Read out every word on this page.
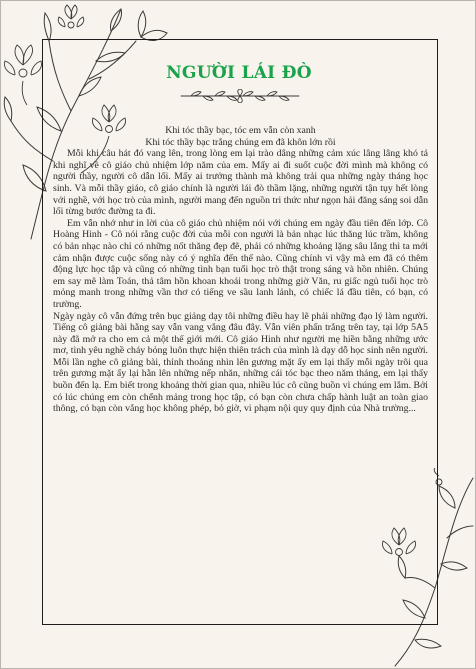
NGƯỜI LÁI ĐÒ

Khi tóc thầy bạc, tóc em vẫn còn xanh

Khi tóc thầy bạc trắng chúng em đã khôn lớn rồi

Mỗi khi câu hát đó vang lên, trong lòng em lại trào dâng những cảm xúc lâng lâng khó tả khi nghĩ về cô giáo chủ nhiệm lớp năm của em. Mấy ai đi suốt cuộc đời mình mà không có người thầy, người cô dẫn lối. Mấy ai trưởng thành mà không trải qua những ngày tháng học sinh. Và mỗi thầy giáo, cô giáo chính là người lái đò thầm lặng, những người tận tụy hết lòng với nghề, với học trò của mình, người mang đến nguồn tri thức như ngọn hải đăng sáng soi dẫn lối từng bước đường ta đi.

Em vẫn nhớ như in lời của cô giáo chủ nhiệm nói với chúng em ngày đầu tiên đến lớp. Cô Hoàng Hinh - Cô nói rằng cuộc đời của mỗi con người là bản nhạc lúc thăng lúc trầm, không có bản nhạc nào chỉ có những nốt thăng đẹp đẽ, phải có những khoảng lặng sâu lắng thì ta mới cảm nhận được cuộc sống này có ý nghĩa đến thế nào. Cũng chính vì vậy mà em đã có thêm động lực học tập và cũng có những tình bạn tuổi học trò thật trong sáng và hồn nhiên. Chúng em say mê làm Toán, thả tâm hồn khoan khoái trong những giờ Văn, ru giấc ngủ tuổi học trò mỏng manh trong những vần thơ có tiếng ve sầu lanh lảnh, có chiếc lá đầu tiên, có bạn, có trường.

Ngày ngày cô vẫn đứng trên bục giảng dạy tôi những điều hay lẽ phải những đạo lý làm người. Tiếng cô giảng bài hằng say vẫn vang vẳng đâu đây. Vẫn viên phấn trắng trên tay, tại lớp 5A5 này đã mở ra cho em cả một thế giới mới. Cô giáo Hinh như người mẹ hiền bằng những ước mơ, tình yêu nghề cháy bỏng luôn thực hiện thiên trách của mình là dạy dỗ học sinh nên người. Mỗi lần nghe cô giảng bài, thỉnh thoảng nhìn lên gương mặt ấy em lại thấy mỗi ngày trôi qua trên gương mặt ấy lại hằn lên những nếp nhăn, những cái tóc bạc theo năm tháng, em lại thấy buồn đến lạ. Em biết trong khoảng thời gian qua, nhiều lúc cô cũng buồn vì chúng em lắm. Bởi có lúc chúng em còn chểnh mảng trong học tập, có bạn còn chưa chấp hành luật an toàn giao thông, có bạn còn vắng học không phép, bỏ giờ, vi phạm nội quy quy định của Nhà trường...
